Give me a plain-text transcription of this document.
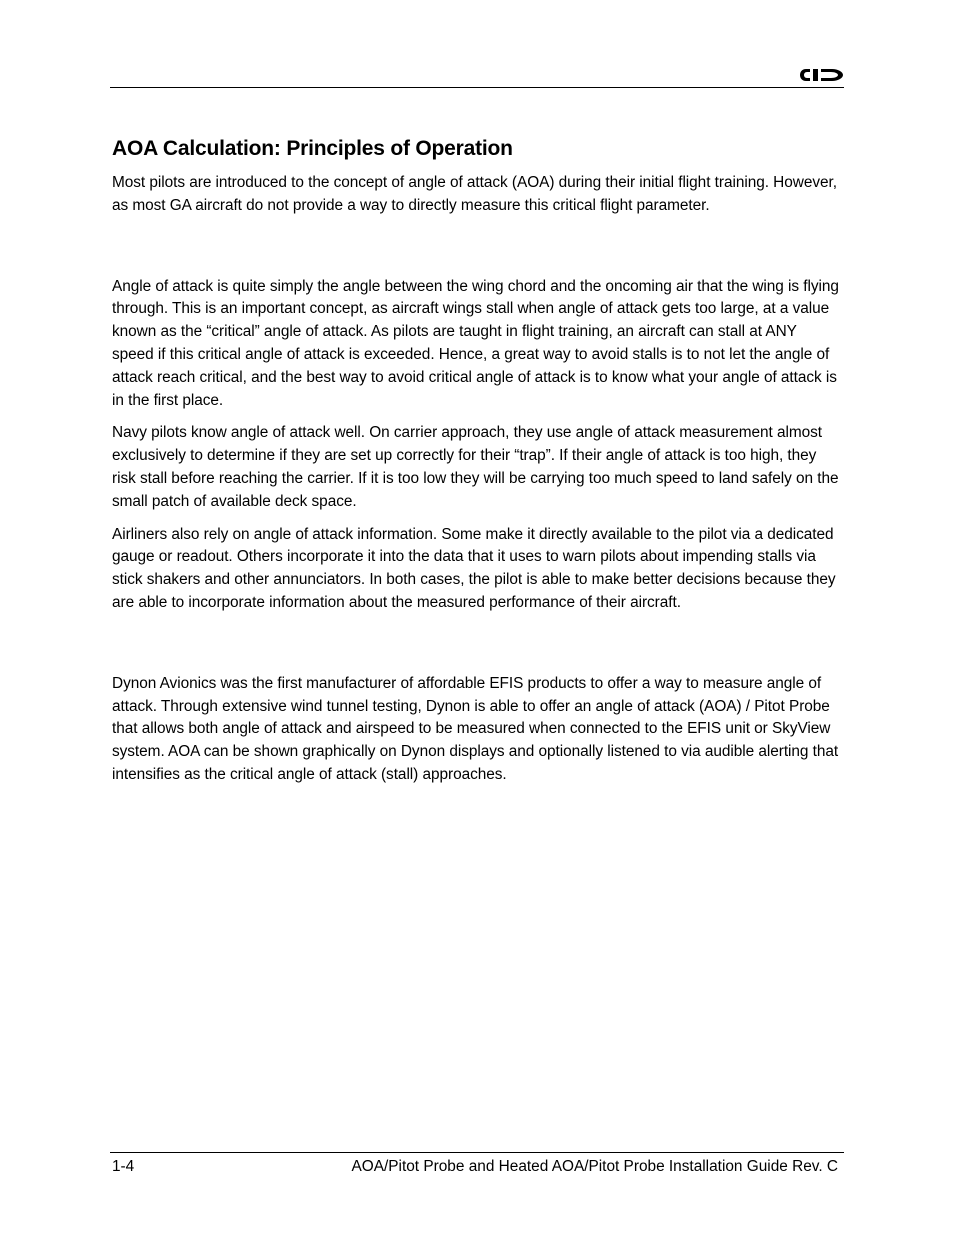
AOA Calculation: Principles of Operation

Most pilots are introduced to the concept of angle of attack (AOA) during their initial flight training. However, as most GA aircraft do not provide a way to directly measure this critical flight parameter.

Angle of attack is quite simply the angle between the wing chord and the oncoming air that the wing is flying through. This is an important concept, as aircraft wings stall when angle of attack gets too large, at a value known as the “critical” angle of attack. As pilots are taught in flight training, an aircraft can stall at ANY speed if this critical angle of attack is exceeded. Hence, a great way to avoid stalls is to not let the angle of attack reach critical, and the best way to avoid critical angle of attack is to know what your angle of attack is in the first place.

Navy pilots know angle of attack well. On carrier approach, they use angle of attack measurement almost exclusively to determine if they are set up correctly for their “trap”. If their angle of attack is too high, they risk stall before reaching the carrier. If it is too low they will be carrying too much speed to land safely on the small patch of available deck space.

Airliners also rely on angle of attack information. Some make it directly available to the pilot via a dedicated gauge or readout. Others incorporate it into the data that it uses to warn pilots about impending stalls via stick shakers and other annunciators. In both cases, the pilot is able to make better decisions because they are able to incorporate information about the measured performance of their aircraft.

Dynon Avionics was the first manufacturer of affordable EFIS products to offer a way to measure angle of attack. Through extensive wind tunnel testing, Dynon is able to offer an angle of attack (AOA) / Pitot Probe that allows both angle of attack and airspeed to be measured when connected to the EFIS unit or SkyView system. AOA can be shown graphically on Dynon displays and optionally listened to via audible alerting that intensifies as the critical angle of attack (stall) approaches.

1-4	AOA/Pitot Probe and Heated AOA/Pitot Probe Installation Guide Rev. C
